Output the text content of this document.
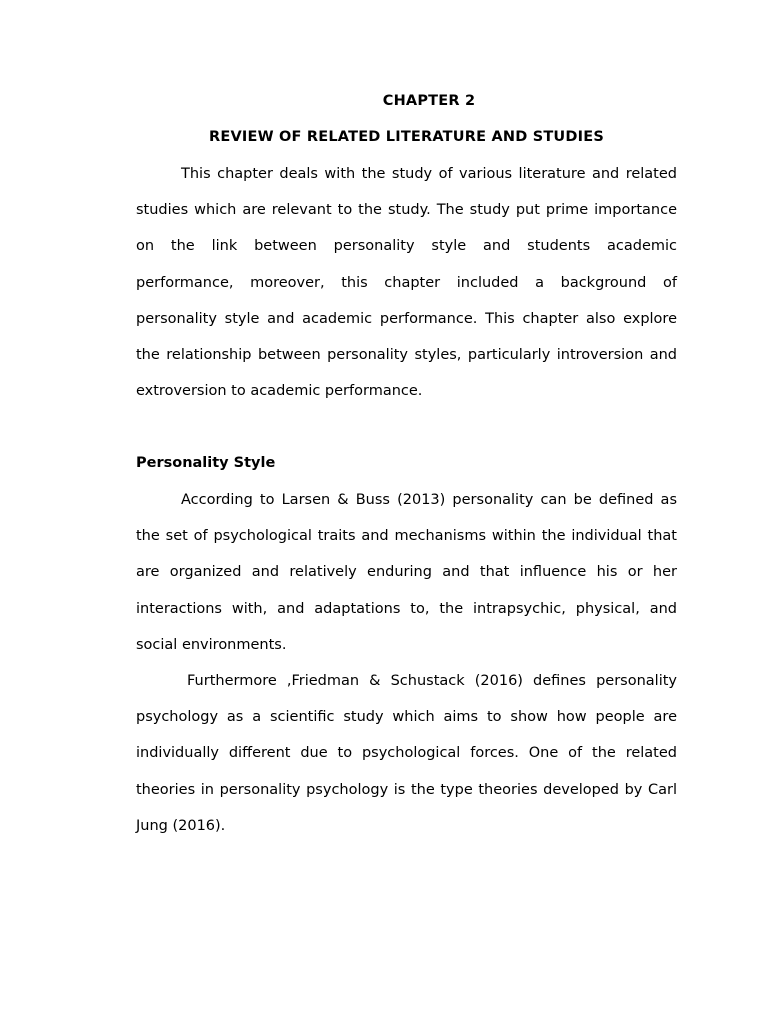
CHAPTER 2
REVIEW OF RELATED LITERATURE AND STUDIES

This chapter deals with the study of various literature and related studies which are relevant to the study. The study put prime importance on the link between personality style and students academic performance, moreover, this chapter included a background of personality style and academic performance. This chapter also explore the relationship between personality styles, particularly introversion and extroversion to academic performance.

Personality Style

According to Larsen & Buss (2013) personality can be defined as the set of psychological traits and mechanisms within the individual that are organized and relatively enduring and that influence his or her interactions with, and adaptations to, the intrapsychic, physical, and social environments.

Furthermore ,Friedman & Schustack (2016) defines personality psychology as a scientific study which aims to show how people are individually different due to psychological forces. One of the related theories in personality psychology is the type theories developed by Carl Jung (2016).
